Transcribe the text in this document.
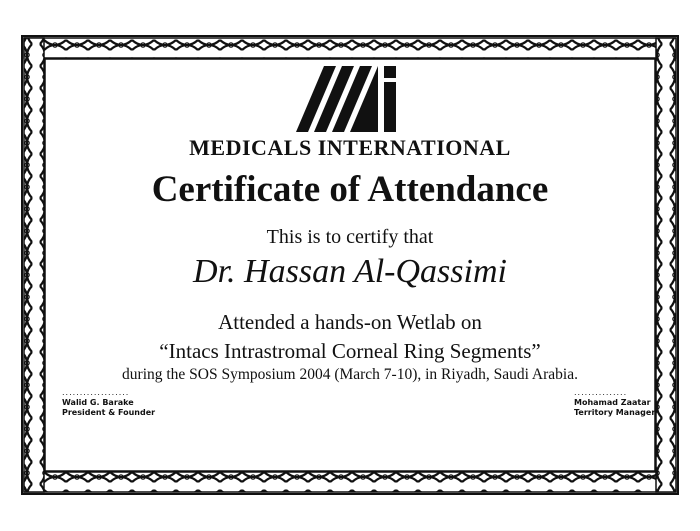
MEDICALS INTERNATIONAL
Certificate of Attendance
This is to certify that
Dr. Hassan Al-Qassimi
Attended a hands-on Wetlab on
“Intacs Intrastromal Corneal Ring Segments”
during the SOS Symposium 2004 (March 7-10), in Riyadh, Saudi Arabia.
...................
Walid G. Barake
President & Founder
...............
Mohamad Zaatar
Territory Manager
